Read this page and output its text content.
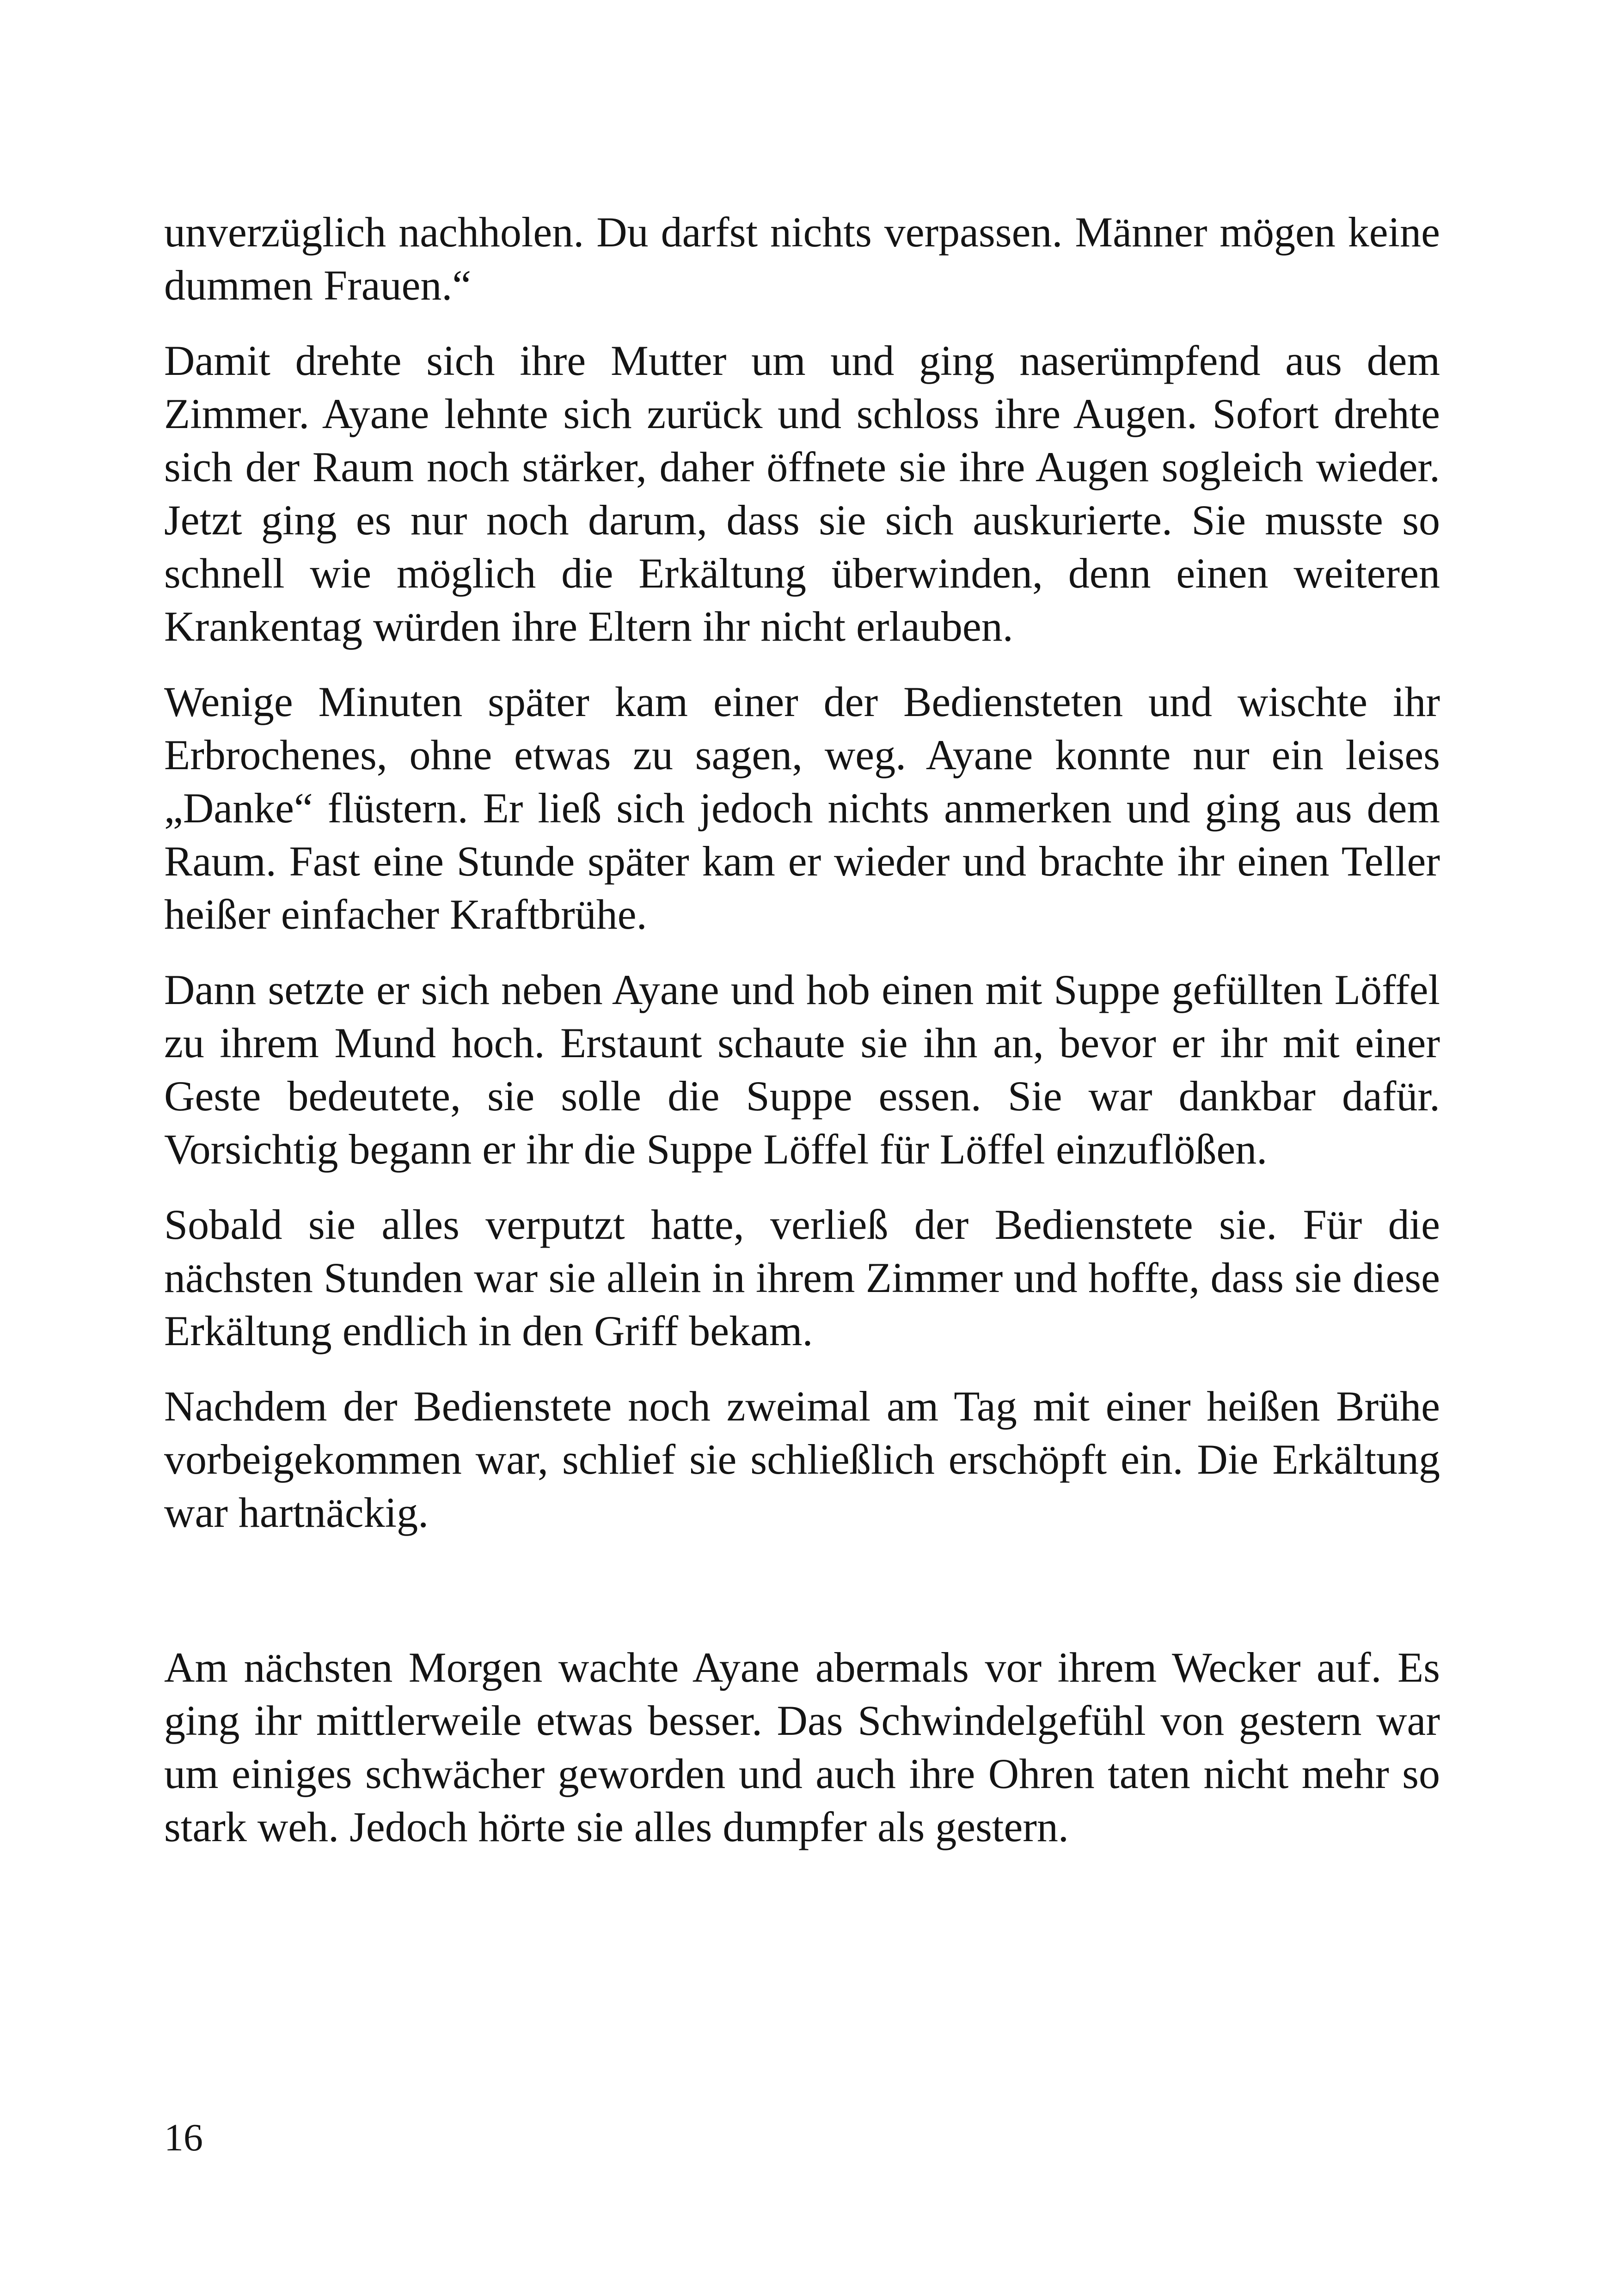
unverzüglich nachholen. Du darfst nichts verpassen. Männer mögen keine dummen Frauen.“

Damit drehte sich ihre Mutter um und ging naserümpfend aus dem Zimmer. Ayane lehnte sich zurück und schloss ihre Augen. Sofort drehte sich der Raum noch stärker, daher öffnete sie ihre Augen sogleich wieder. Jetzt ging es nur noch darum, dass sie sich auskurierte. Sie musste so schnell wie möglich die Erkältung überwinden, denn einen weiteren Krankentag würden ihre Eltern ihr nicht erlauben.

Wenige Minuten später kam einer der Bediensteten und wischte ihr Erbrochenes, ohne etwas zu sagen, weg. Ayane konnte nur ein leises „Danke“ flüstern. Er ließ sich jedoch nichts anmerken und ging aus dem Raum. Fast eine Stunde später kam er wieder und brachte ihr einen Teller heißer einfacher Kraftbrühe.

Dann setzte er sich neben Ayane und hob einen mit Suppe gefüllten Löffel zu ihrem Mund hoch. Erstaunt schaute sie ihn an, bevor er ihr mit einer Geste bedeutete, sie solle die Suppe essen. Sie war dankbar dafür. Vorsichtig begann er ihr die Suppe Löffel für Löffel einzuflößen.

Sobald sie alles verputzt hatte, verließ der Bedienstete sie. Für die nächsten Stunden war sie allein in ihrem Zimmer und hoffte, dass sie diese Erkältung endlich in den Griff bekam.

Nachdem der Bedienstete noch zweimal am Tag mit einer heißen Brühe vorbeigekommen war, schlief sie schließlich erschöpft ein. Die Erkältung war hartnäckig.

Am nächsten Morgen wachte Ayane abermals vor ihrem Wecker auf. Es ging ihr mittlerweile etwas besser. Das Schwindelgefühl von gestern war um einiges schwächer geworden und auch ihre Ohren taten nicht mehr so stark weh. Jedoch hörte sie alles dumpfer als gestern.

16
